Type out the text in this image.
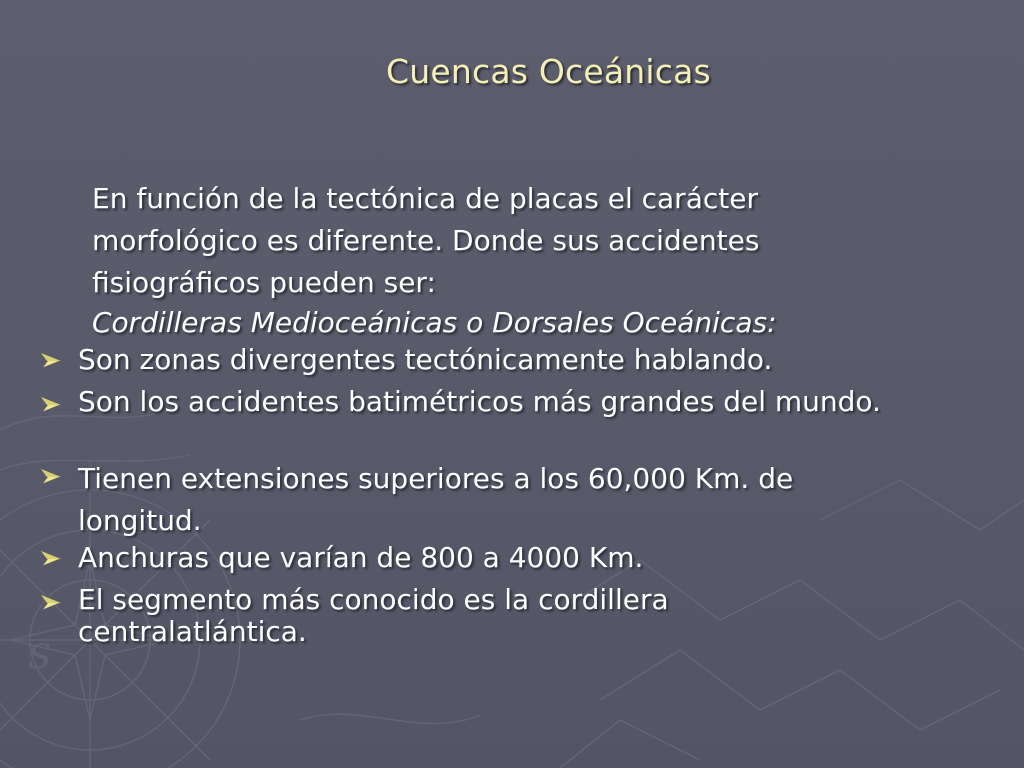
S
Cuencas Oceánicas

En función de la tectónica de placas el carácter morfológico es diferente. Donde sus accidentes fisiográficos pueden ser:

Cordilleras Medioceánicas o Dorsales Oceánicas:

Son zonas divergentes tectónicamente hablando.
Son los accidentes batimétricos más grandes del mundo.
Tienen extensiones superiores a los 60,000 Km. de longitud.
Anchuras que varían de 800 a 4000 Km.
El segmento más conocido es la cordillera centralatlántica.
